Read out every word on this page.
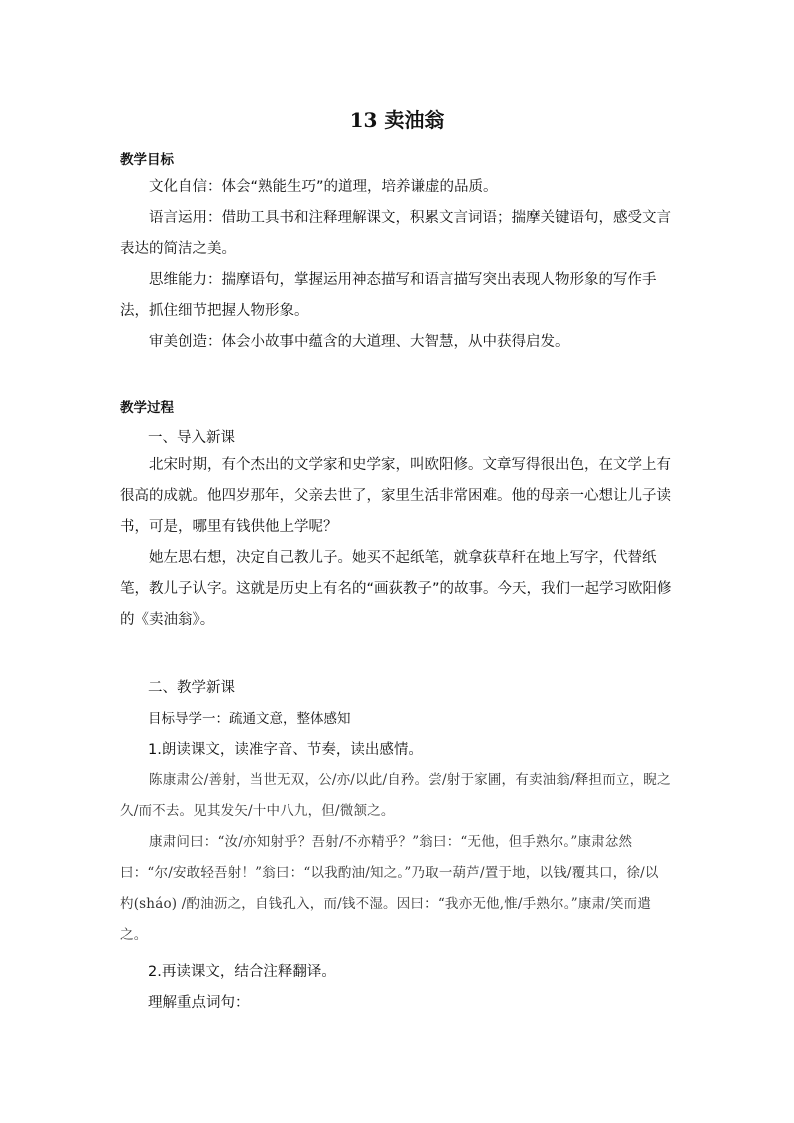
13 卖油翁
教学目标

文化自信：体会“熟能生巧”的道理，培养谦虚的品质。

语言运用：借助工具书和注释理解课文，积累文言词语；揣摩关键语句，感受文言表达的简洁之美。

思维能力：揣摩语句，掌握运用神态描写和语言描写突出表现人物形象的写作手法，抓住细节把握人物形象。

审美创造：体会小故事中蕴含的大道理、大智慧，从中获得启发。

教学过程
一、导入新课

北宋时期，有个杰出的文学家和史学家，叫欧阳修。文章写得很出色，在文学上有很高的成就。他四岁那年，父亲去世了，家里生活非常困难。他的母亲一心想让儿子读书，可是，哪里有钱供他上学呢？

她左思右想，决定自己教儿子。她买不起纸笔，就拿荻草秆在地上写字，代替纸笔，教儿子认字。这就是历史上有名的“画荻教子”的故事。今天，我们一起学习欧阳修的《卖油翁》。

二、教学新课
目标导学一：疏通文意，整体感知
1.朗读课文，读准字音、节奏，读出感情。

陈康肃公/善射，当世无双，公/亦/以此/自矜。尝/射于家圃，有卖油翁/释担而立，睨之久/而不去。见其发矢/十中八九，但/微颔之。

康肃问曰：“汝/亦知射乎？吾射/不亦精乎？”翁曰：“无他，但手熟尔。”康肃忿然曰：“尔/安敢轻吾射！”翁曰：“以我酌油/知之。”乃取一葫芦/置于地，以钱/覆其口，徐/以杓(sháo) /酌油沥之，自钱孔入，而/钱不湿。因曰：“我亦无他,惟/手熟尔。”康肃/笑而遣之。

2.再读课文，结合注释翻译。
理解重点词句：
